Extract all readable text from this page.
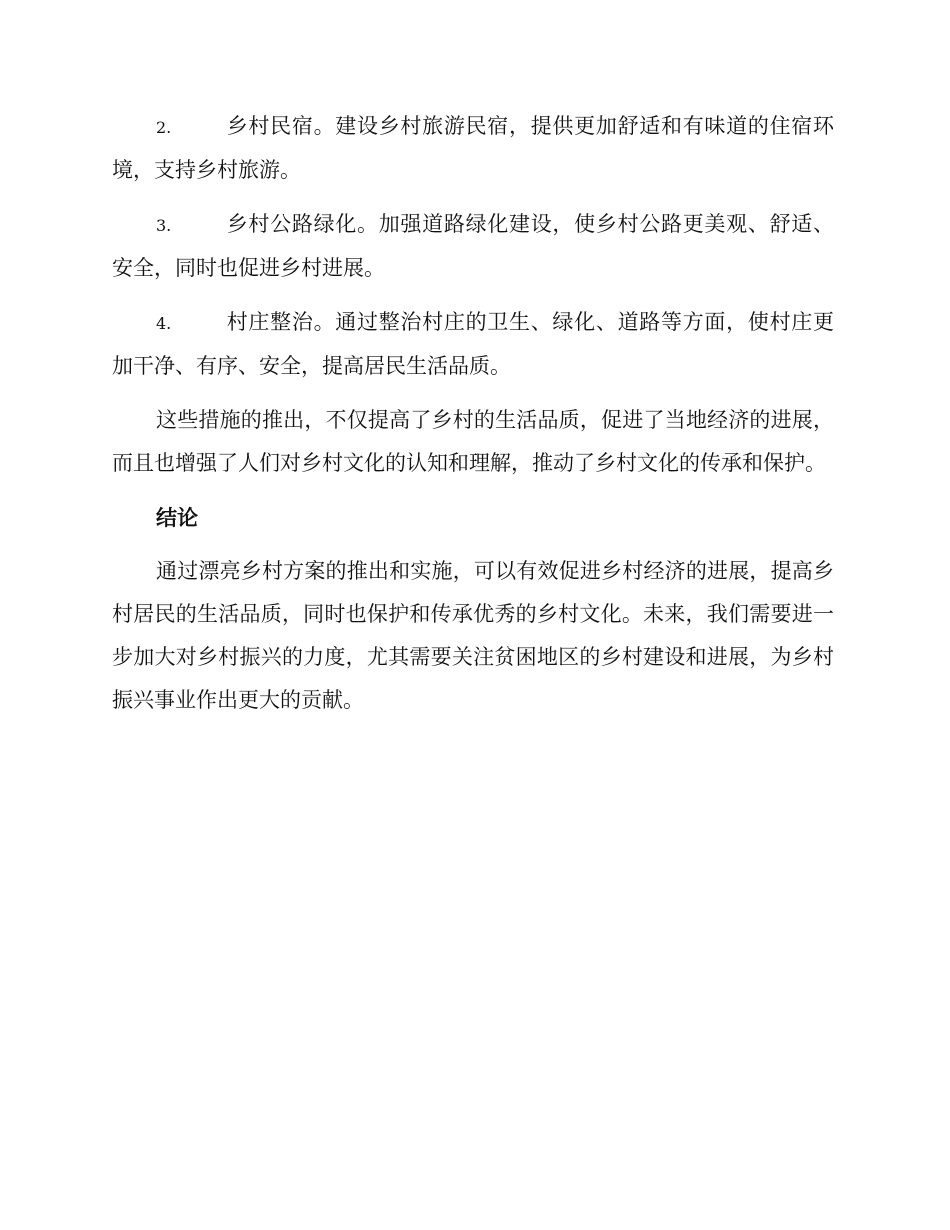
2.	乡村民宿。建设乡村旅游民宿，提供更加舒适和有味道的住宿环境，支持乡村旅游。
3.	乡村公路绿化。加强道路绿化建设，使乡村公路更美观、舒适、安全，同时也促进乡村进展。
4.	村庄整治。通过整治村庄的卫生、绿化、道路等方面，使村庄更加干净、有序、安全，提高居民生活品质。

这些措施的推出，不仅提高了乡村的生活品质，促进了当地经济的进展，而且也增强了人们对乡村文化的认知和理解，推动了乡村文化的传承和保护。

结论

通过漂亮乡村方案的推出和实施，可以有效促进乡村经济的进展，提高乡村居民的生活品质，同时也保护和传承优秀的乡村文化。未来，我们需要进一步加大对乡村振兴的力度，尤其需要关注贫困地区的乡村建设和进展，为乡村振兴事业作出更大的贡献。
